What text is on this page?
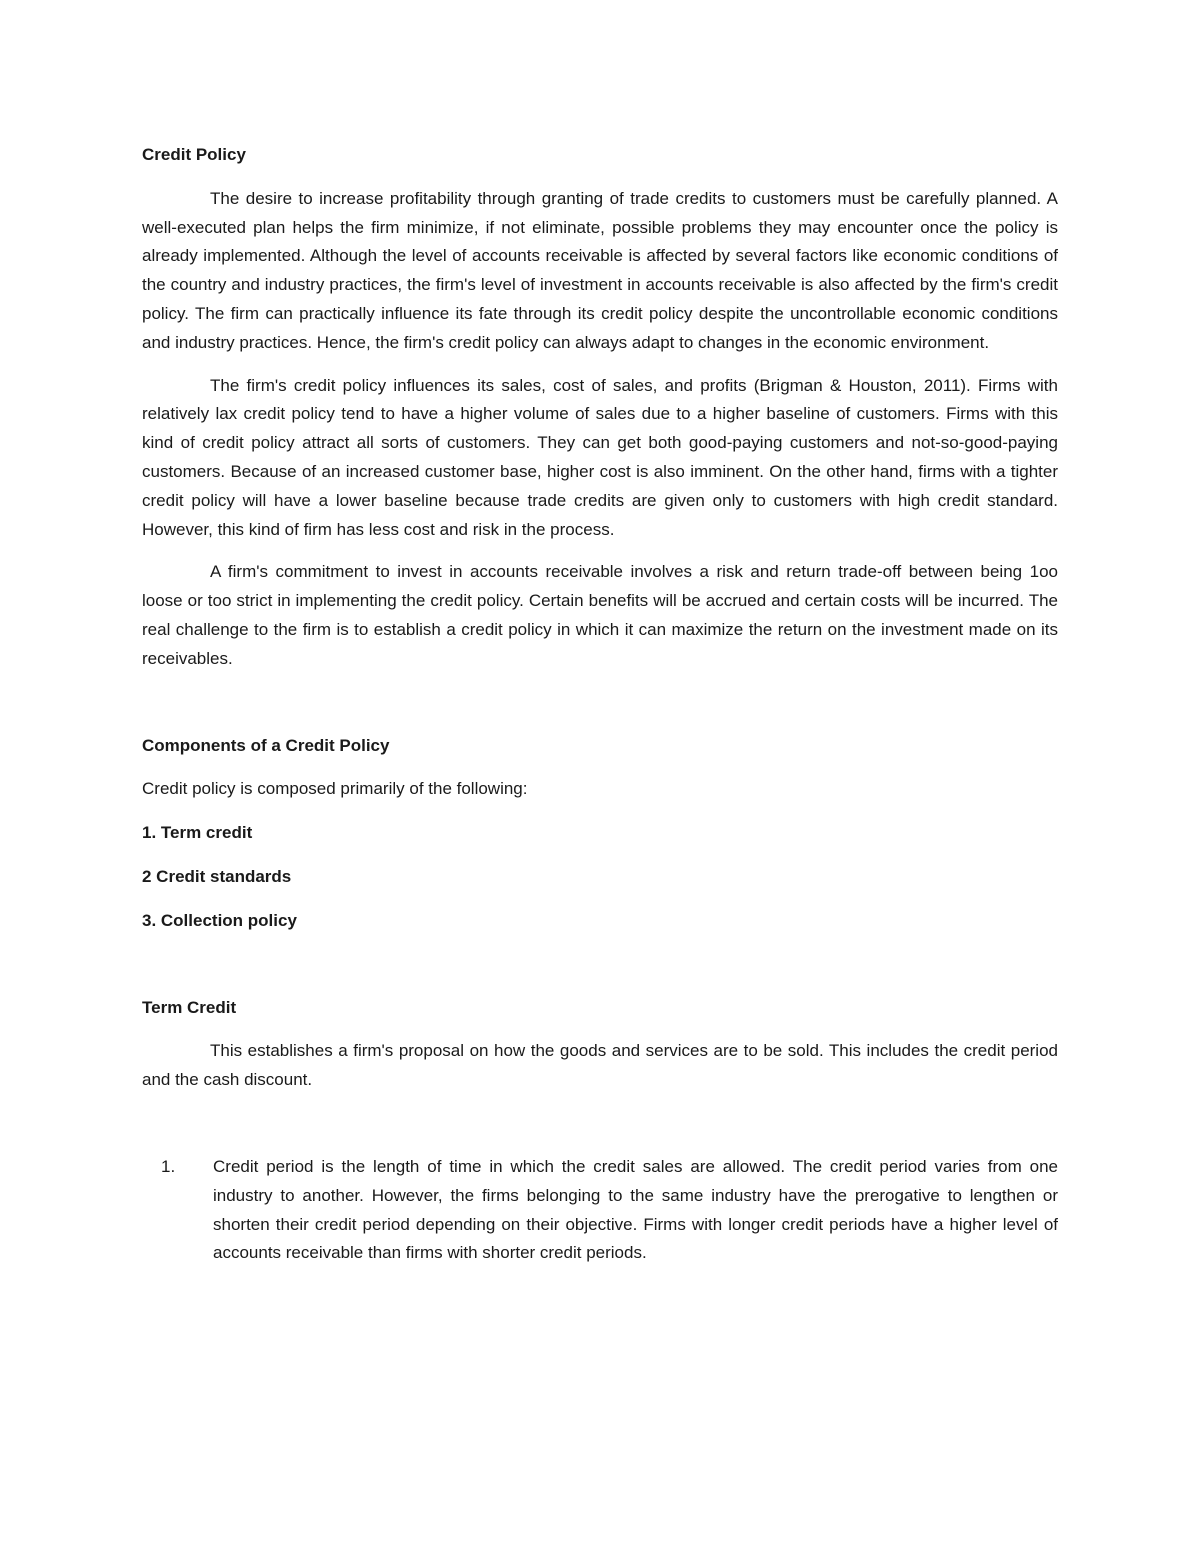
Credit Policy

The desire to increase profitability through granting of trade credits to customers must be carefully planned. A well-executed plan helps the firm minimize, if not eliminate, possible problems they may encounter once the policy is already implemented. Although the level of accounts receivable is affected by several factors like economic conditions of the country and industry practices, the firm's level of investment in accounts receivable is also affected by the firm's credit policy. The firm can practically influence its fate through its credit policy despite the uncontrollable economic conditions and industry practices. Hence, the firm's credit policy can always adapt to changes in the economic environment.

The firm's credit policy influences its sales, cost of sales, and profits (Brigman & Houston, 2011). Firms with relatively lax credit policy tend to have a higher volume of sales due to a higher baseline of customers. Firms with this kind of credit policy attract all sorts of customers. They can get both good-paying customers and not-so-good-paying customers. Because of an increased customer base, higher cost is also imminent. On the other hand, firms with a tighter credit policy will have a lower baseline because trade credits are given only to customers with high credit standard. However, this kind of firm has less cost and risk in the process.

A firm's commitment to invest in accounts receivable involves a risk and return trade-off between being 1oo loose or too strict in implementing the credit policy. Certain benefits will be accrued and certain costs will be incurred. The real challenge to the firm is to establish a credit policy in which it can maximize the return on the investment made on its receivables.

Components of a Credit Policy

Credit policy is composed primarily of the following:

1. Term credit

2 Credit standards

3. Collection policy

Term Credit

This establishes a firm's proposal on how the goods and services are to be sold. This includes the credit period and the cash discount.

1. Credit period is the length of time in which the credit sales are allowed. The credit period varies from one industry to another. However, the firms belonging to the same industry have the prerogative to lengthen or shorten their credit period depending on their objective. Firms with longer credit periods have a higher level of accounts receivable than firms with shorter credit periods.
